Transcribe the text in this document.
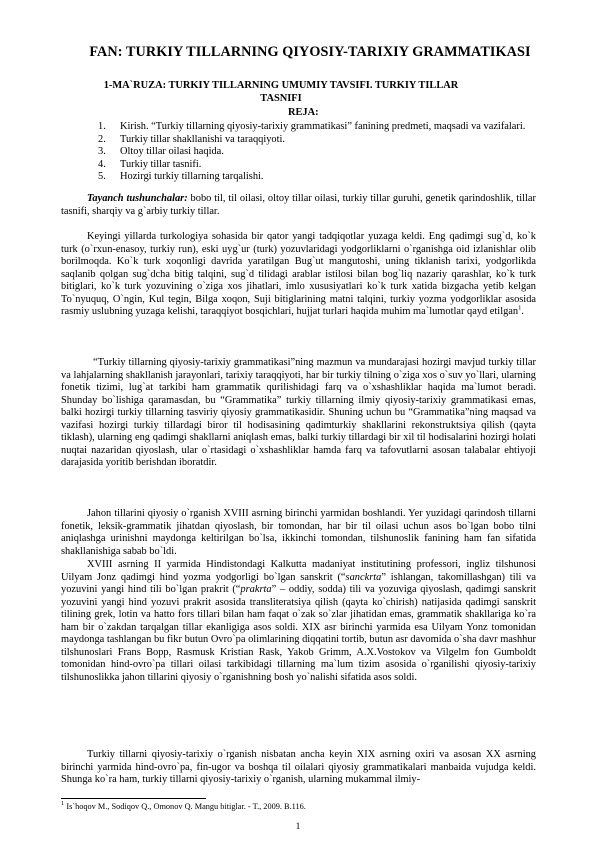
FAN: TURKIY TILLARNING QIYOSIY-TARIXIY GRAMMATIKASI
1-MA`RUZA: TURKIY TILLARNING UMUMIY TAVSIFI. TURKIY TILLAR TASNIFI
REJA:
1. Kirish. “Turkiy tillarning qiyosiy-tarixiy grammatikasi” fanining predmeti, maqsadi va vazifalari.
2. Turkiy tillar shakllanishi va taraqqiyoti.
3. Oltoy tillar oilasi haqida.
4. Turkiy tillar tasnifi.
5. Hozirgi turkiy tillarning tarqalishi.

Tayanch tushunchalar: bobo til, til oilasi, oltoy tillar oilasi, turkiy tillar guruhi, genetik qarindoshlik, tillar tasnifi, sharqiy va g`arbiy turkiy tillar.

Keyingi yillarda turkologiya sohasida bir qator yangi tadqiqotlar yuzaga keldi. Eng qadimgi sug`d, ko`k turk (o`rxun-enasoy, turkiy run), eski uyg`ur (turk) yozuvlaridagi yodgorliklarni o`rganishga oid izlanishlar olib borilmoqda. Ko`k turk xoqonligi davrida yaratilgan Bug`ut mangutoshi, uning tiklanish tarixi, yodgorlikda saqlanib qolgan sug`dcha bitig talqini, sug`d tilidagi arablar istilosi bilan bog`liq nazariy qarashlar, ko`k turk bitiglari, ko`k turk yozuvining o`ziga xos jihatlari, imlo xususiyatlari ko`k turk xatida bizgacha yetib kelgan To`nyuquq, O`ngin, Kul tegin, Bilga xoqon, Suji bitiglarining matni talqini, turkiy yozma yodgorliklar asosida rasmiy uslubning yuzaga kelishi, taraqqiyot bosqichlari, hujjat turlari haqida muhim ma`lumotlar qayd etilgan$^1$.

“Turkiy tillarning qiyosiy-tarixiy grammatikasi”ning mazmun va mundarajasi hozirgi mavjud turkiy tillar va lahjalarning shakllanish jarayonlari, tarixiy taraqqiyoti, har bir turkiy tilning o`ziga xos o`suv yo`llari, ularning fonetik tizimi, lug`at tarkibi ham grammatik qurilishidagi farq va o`xshashliklar haqida ma`lumot beradi. Shunday bo`lishiga qaramasdan, bu “Grammatika” turkiy tillarning ilmiy qiyosiy-tarixiy grammatikasi emas, balki hozirgi turkiy tillarning tasviriy qiyosiy grammatikasidir. Shuning uchun bu “Grammatika”ning maqsad va vazifasi hozirgi turkiy tillardagi biror til hodisasining qadimturkiy shakllarini rekonstruktsiya qilish (qayta tiklash), ularning eng qadimgi shakllarni aniqlash emas, balki turkiy tillardagi bir xil til hodisalarini hozirgi holati nuqtai nazaridan qiyoslash, ular o`rtasidagi o`xshashliklar hamda farq va tafovutlarni asosan talabalar ehtiyoji darajasida yoritib berishdan iboratdir.

Jahon tillarini qiyosiy o`rganish XVIII asrning birinchi yarmidan boshlandi. Yer yuzidagi qarindosh tillarni fonetik, leksik-grammatik jihatdan qiyoslash, bir tomondan, har bir til oilasi uchun asos bo`lgan bobo tilni aniqlashga urinishni maydonga keltirilgan bo`lsa, ikkinchi tomondan, tilshunoslik fanining ham fan sifatida shakllanishiga sabab bo`ldi.

XVIII asrning II yarmida Hindistondagi Kalkutta madaniyat institutining professori, ingliz tilshunosi Uilyam Jonz qadimgi hind yozma yodgorligi bo`lgan sanskrit (“sanckrta” ishlangan, takomillashgan) tili va yozuvini yangi hind tili bo`lgan prakrit (“prakrta” – oddiy, sodda) tili va yozuviga qiyoslash, qadimgi sanskrit yozuvini yangi hind yozuvi prakrit asosida transliteratsiya qilish (qayta ko`chirish) natijasida qadimgi sanskrit tilining grek, lotin va hatto fors tillari bilan ham faqat o`zak so`zlar jihatidan emas, grammatik shakllariga ko`ra ham bir o`zakdan tarqalgan tillar ekanligiga asos soldi. XIX asr birinchi yarmida esa Uilyam Yonz tomonidan maydonga tashlangan bu fikr butun Ovro`pa olimlarining diqqatini tortib, butun asr davomida o`sha davr mashhur tilshunoslari Frans Bopp, Rasmusk Kristian Rask, Yakob Grimm, A.X.Vostokov va Vilgelm fon Gumboldt tomonidan hind-ovro`pa tillari oilasi tarkibidagi tillarning ma`lum tizim asosida o`rganilishi qiyosiy-tarixiy tilshunoslikka jahon tillarini qiyosiy o`rganishning bosh yo`nalishi sifatida asos soldi.

Turkiy tillarni qiyosiy-tarixiy o`rganish nisbatan ancha keyin XIX asrning oxiri va asosan XX asrning birinchi yarmida hind-ovro`pa, fin-ugor va boshqa til oilalari qiyosiy grammatikalari manbaida vujudga keldi. Shunga ko`ra ham, turkiy tillarni qiyosiy-tarixiy o`rganish, ularning mukammal ilmiy-

$^1$ Is`hoqov M., Sodiqov Q., Omonov Q. Mangu bitiglar. - T., 2009. B.116.
1
